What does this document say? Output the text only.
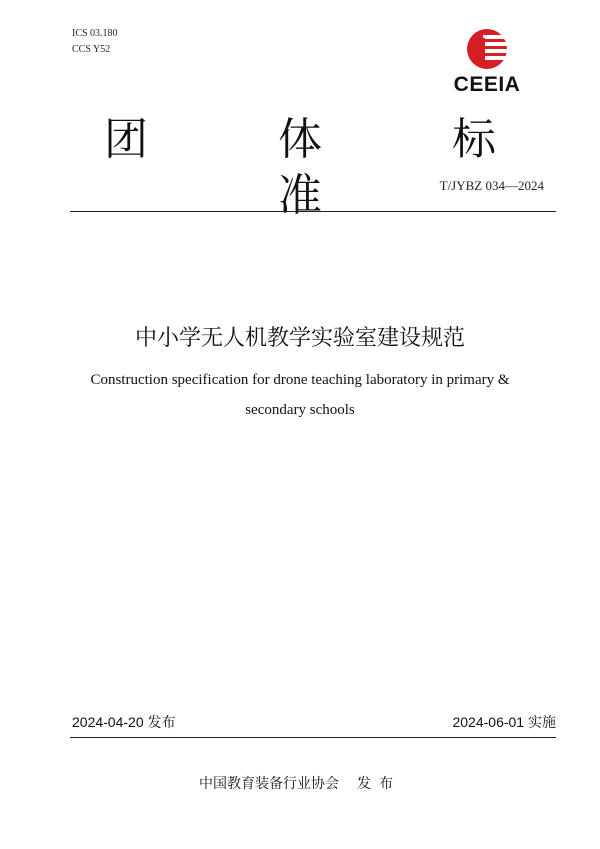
ICS 03.180
CCS Y52
CEEIA
团 体 标 准	T/JYBZ 034—2024
中小学无人机教学实验室建设规范
Construction specification for drone teaching laboratory in primary & secondary schools
2024-04-20 发布	2024-06-01 实施
中国教育装备行业协会 发布
